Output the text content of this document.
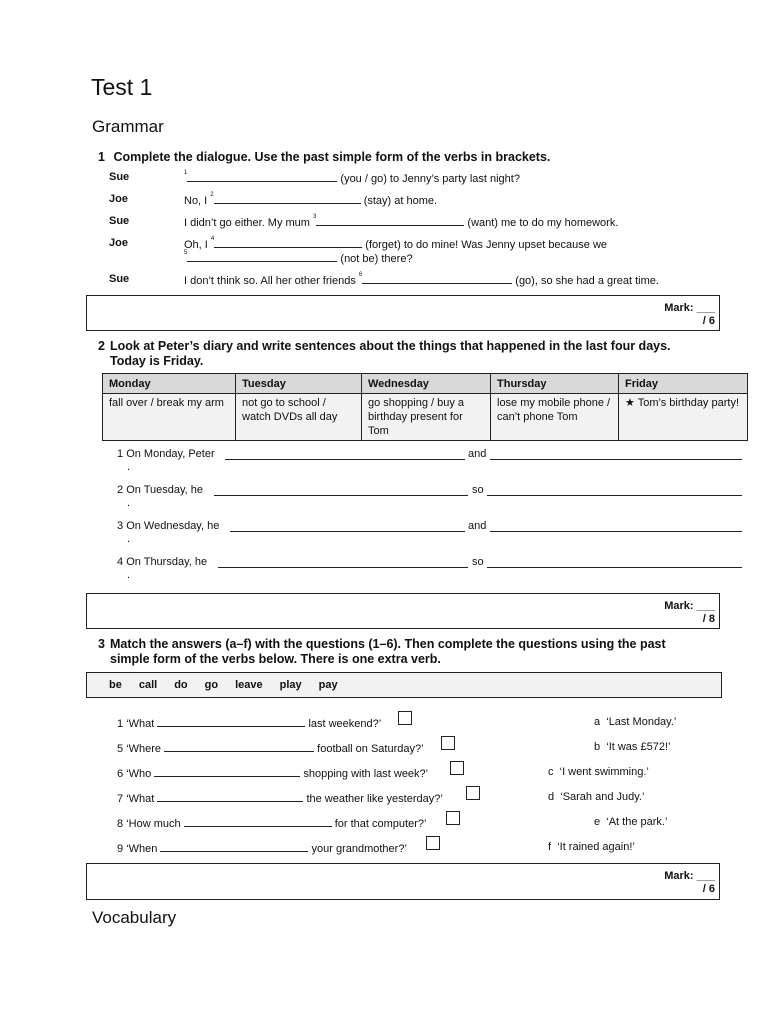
Test 1
Grammar
1 Complete the dialogue. Use the past simple form of the verbs in brackets.
Sue	$^1$	(you / go) to Jenny’s party last night?
Joe	No, I $^2$	(stay) at home.
Sue	I didn’t go either. My mum $^3$	(want) me to do my homework.
Joe	Oh, I $^4$	(forget) to do mine! Was Jenny upset because we
$^5$	(not be) there?
Sue	I don’t think so. All her other friends $^6$	(go), so she had a great time.
Mark: ___
/ 6
2 Look at Peter’s diary and write sentences about the things that happened in the last four days.
Today is Friday.
Monday	Tuesday	Wednesday	Thursday	Friday
fall over / break my arm	not go to school / watch DVDs all day	go shopping / buy a birthday present for Tom	lose my mobile phone / can’t phone Tom	★ Tom’s birthday party!
1 On Monday, Peter	and
.
2 On Tuesday, he	so
.
3 On Wednesday, he	and
.
4 On Thursday, he	so
.
Mark: ___
/ 8
3 Match the answers (a–f) with the questions (1–6). Then complete the questions using the past
simple form of the verbs below. There is one extra verb.
be call do go leave play pay
1 ‘What	last weekend?’
5 ‘Where	football on Saturday?’
6 ‘Who	shopping with last week?’
7 ‘What	the weather like yesterday?’
8 ‘How much	for that computer?’
9 ‘When	your grandmother?’
a ‘Last Monday.’
b ‘It was £572!’
c ‘I went swimming.’
d ‘Sarah and Judy.’
e ‘At the park.’
f ‘It rained again!’
Mark: ___
/ 6
Vocabulary
